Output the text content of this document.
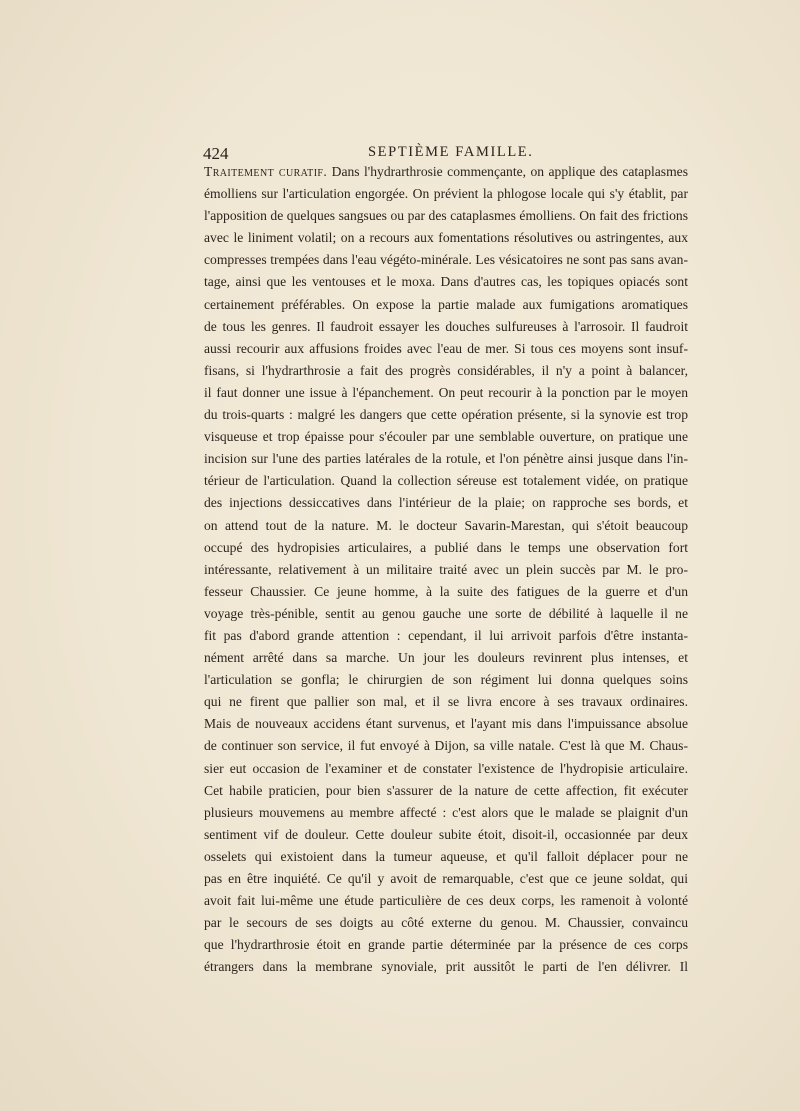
424	SEPTIÈME FAMILLE.
Traitement curatif. Dans l'hydrarthrosie commençante, on applique des cataplasmes
émolliens sur l'articulation engorgée. On prévient la phlogose locale qui s'y établit, par
l'apposition de quelques sangsues ou par des cataplasmes émolliens. On fait des frictions
avec le liniment volatil; on a recours aux fomentations résolutives ou astringentes, aux
compresses trempées dans l'eau végéto-minérale. Les vésicatoires ne sont pas sans avan-
tage, ainsi que les ventouses et le moxa. Dans d'autres cas, les topiques opiacés sont
certainement préférables. On expose la partie malade aux fumigations aromatiques
de tous les genres. Il faudroit essayer les douches sulfureuses à l'arrosoir. Il faudroit
aussi recourir aux affusions froides avec l'eau de mer. Si tous ces moyens sont insuf-
fisans, si l'hydrarthrosie a fait des progrès considérables, il n'y a point à balancer,
il faut donner une issue à l'épanchement. On peut recourir à la ponction par le moyen
du trois-quarts : malgré les dangers que cette opération présente, si la synovie est trop
visqueuse et trop épaisse pour s'écouler par une semblable ouverture, on pratique une
incision sur l'une des parties latérales de la rotule, et l'on pénètre ainsi jusque dans l'in-
térieur de l'articulation. Quand la collection séreuse est totalement vidée, on pratique
des injections dessiccatives dans l'intérieur de la plaie; on rapproche ses bords, et
on attend tout de la nature. M. le docteur Savarin-Marestan, qui s'étoit beaucoup
occupé des hydropisies articulaires, a publié dans le temps une observation fort
intéressante, relativement à un militaire traité avec un plein succès par M. le pro-
fesseur Chaussier. Ce jeune homme, à la suite des fatigues de la guerre et d'un
voyage très-pénible, sentit au genou gauche une sorte de débilité à laquelle il ne
fit pas d'abord grande attention : cependant, il lui arrivoit parfois d'être instanta-
nément arrêté dans sa marche. Un jour les douleurs revinrent plus intenses, et
l'articulation se gonfla; le chirurgien de son régiment lui donna quelques soins
qui ne firent que pallier son mal, et il se livra encore à ses travaux ordinaires.
Mais de nouveaux accidens étant survenus, et l'ayant mis dans l'impuissance absolue
de continuer son service, il fut envoyé à Dijon, sa ville natale. C'est là que M. Chaus-
sier eut occasion de l'examiner et de constater l'existence de l'hydropisie articulaire.
Cet habile praticien, pour bien s'assurer de la nature de cette affection, fit exécuter
plusieurs mouvemens au membre affecté : c'est alors que le malade se plaignit d'un
sentiment vif de douleur. Cette douleur subite étoit, disoit-il, occasionnée par deux
osselets qui existoient dans la tumeur aqueuse, et qu'il falloit déplacer pour ne
pas en être inquiété. Ce qu'il y avoit de remarquable, c'est que ce jeune soldat, qui
avoit fait lui-même une étude particulière de ces deux corps, les ramenoit à volonté
par le secours de ses doigts au côté externe du genou. M. Chaussier, convaincu
que l'hydrarthrosie étoit en grande partie déterminée par la présence de ces corps
étrangers dans la membrane synoviale, prit aussitôt le parti de l'en délivrer. Il
